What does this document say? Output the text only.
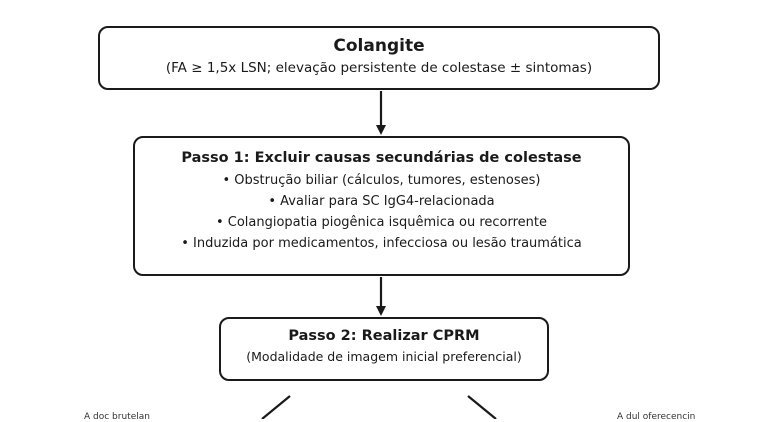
Colangite
(FA ≥ 1,5x LSN; elevação persistente de colestase ± sintomas)
Passo 1: Excluir causas secundárias de colestase
• Obstrução biliar (cálculos, tumores, estenoses)
• Avaliar para SC IgG4-relacionada
• Colangiopatia piogênica isquêmica ou recorrente
• Induzida por medicamentos, infecciosa ou lesão traumática
Passo 2: Realizar CPRM
(Modalidade de imagem inicial preferencial)
A doc brutelan	A dul oferecencin
